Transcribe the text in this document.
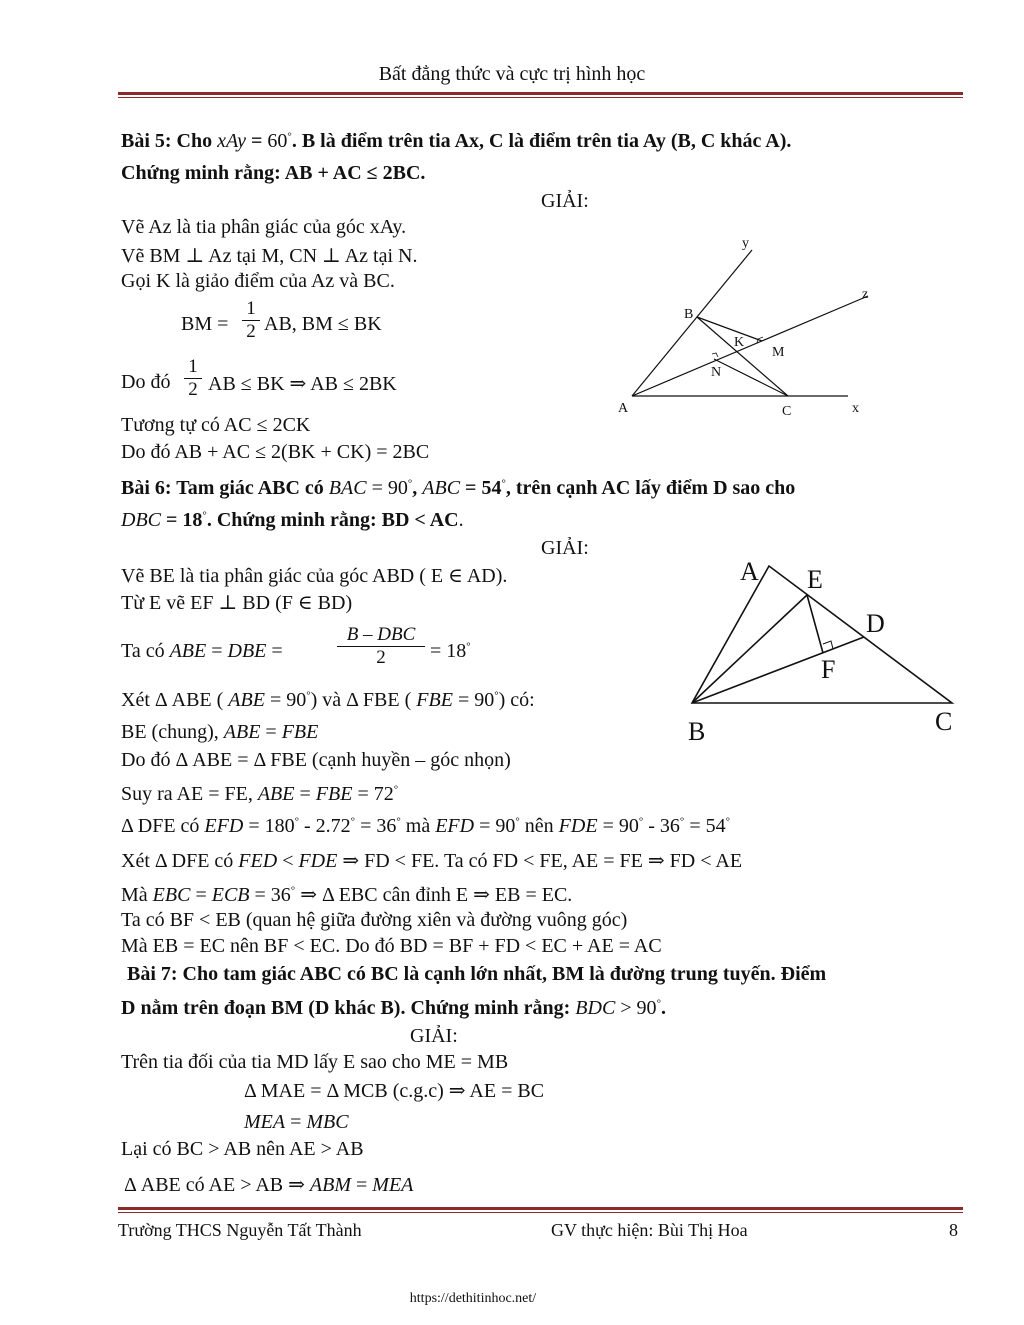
Bất đẳng thức và cực trị hình học
Bài 5: Cho xAy = 60°. B là điểm trên tia Ax, C là điểm trên tia Ay (B, C khác A).
Chứng minh rằng: AB + AC ≤ 2BC.
GIẢI:
Vẽ Az là tia phân giác của góc xAy.
Vẽ BM ⊥ Az tại M, CN ⊥ Az tại N.
Gọi K là giảo điểm của Az và BC.
BM =
1
2 AB, BM ≤ BK
Do đó
1
2 AB ≤ BK ⇒ AB ≤ 2BK
Tương tự có AC ≤ 2CK
Do đó AB + AC ≤ 2(BK + CK) = 2BC
y
z
x
A
B
C
K
M
N
Bài 6: Tam giác ABC có BAC = 90°, ABC = 54°, trên cạnh AC lấy điểm D sao cho
DBC = 18°. Chứng minh rằng: BD < AC.
GIẢI:
Vẽ BE là tia phân giác của góc ABD ( E ∈ AD).
Từ E vẽ EF ⊥ BD (F ∈ BD)
Ta có ABE = DBE =
B – DBC
2	= 18°
Xét Δ ABE ( ABE = 90°) và Δ FBE ( FBE = 90°) có:
BE (chung), ABE = FBE
Do đó Δ ABE = Δ FBE (cạnh huyền – góc nhọn)
Suy ra AE = FE, ABE = FBE = 72°
Δ DFE có EFD = 180° - 2.72° = 36° mà EFD = 90° nên FDE = 90° - 36° = 54°
Xét Δ DFE có FED < FDE ⇒ FD < FE. Ta có FD < FE, AE = FE ⇒ FD < AE
Mà EBC = ECB = 36° ⇒ Δ EBC cân đỉnh E ⇒ EB = EC.
Ta có BF < EB (quan hệ giữa đường xiên và đường vuông góc)
Mà EB = EC nên BF < EC. Do đó BD = BF + FD < EC + AE = AC
A E
D
F
B	C
Bài 7: Cho tam giác ABC có BC là cạnh lớn nhất, BM là đường trung tuyến. Điểm
D nằm trên đoạn BM (D khác B). Chứng minh rằng: BDC > 90°.
GIẢI:
Trên tia đối của tia MD lấy E sao cho ME = MB
Δ MAE = Δ MCB (c.g.c) ⇒ AE = BC
MEA = MBC
Lại có BC > AB nên AE > AB
Δ ABE có AE > AB ⇒ ABM = MEA
Trường THCS Nguyễn Tất Thành	GV thực hiện: Bùi Thị Hoa	8
https://dethitinhoc.net/
